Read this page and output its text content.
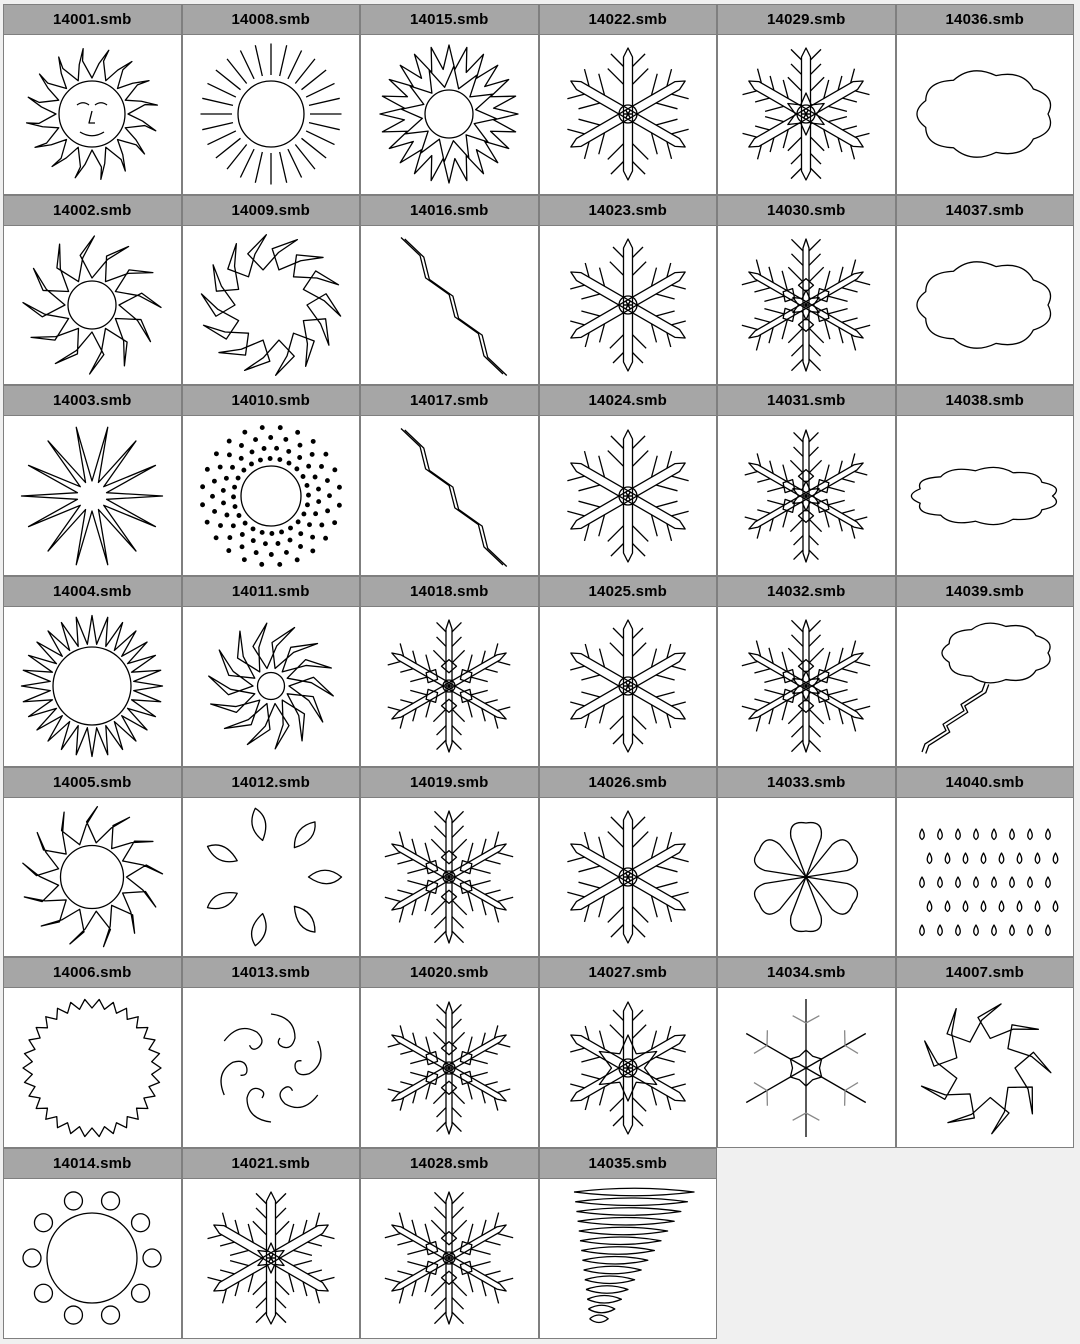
14001.smb	14008.smb	14015.smb	14022.smb	14029.smb	14036.smb
14002.smb	14009.smb	14016.smb	14023.smb	14030.smb	14037.smb
14003.smb	14010.smb	14017.smb	14024.smb	14031.smb	14038.smb
14004.smb	14011.smb	14018.smb	14025.smb	14032.smb	14039.smb
14005.smb	14012.smb	14019.smb	14026.smb	14033.smb	14040.smb
14006.smb	14013.smb	14020.smb	14027.smb	14034.smb	14007.smb
14014.smb	14021.smb	14028.smb	14035.smb
